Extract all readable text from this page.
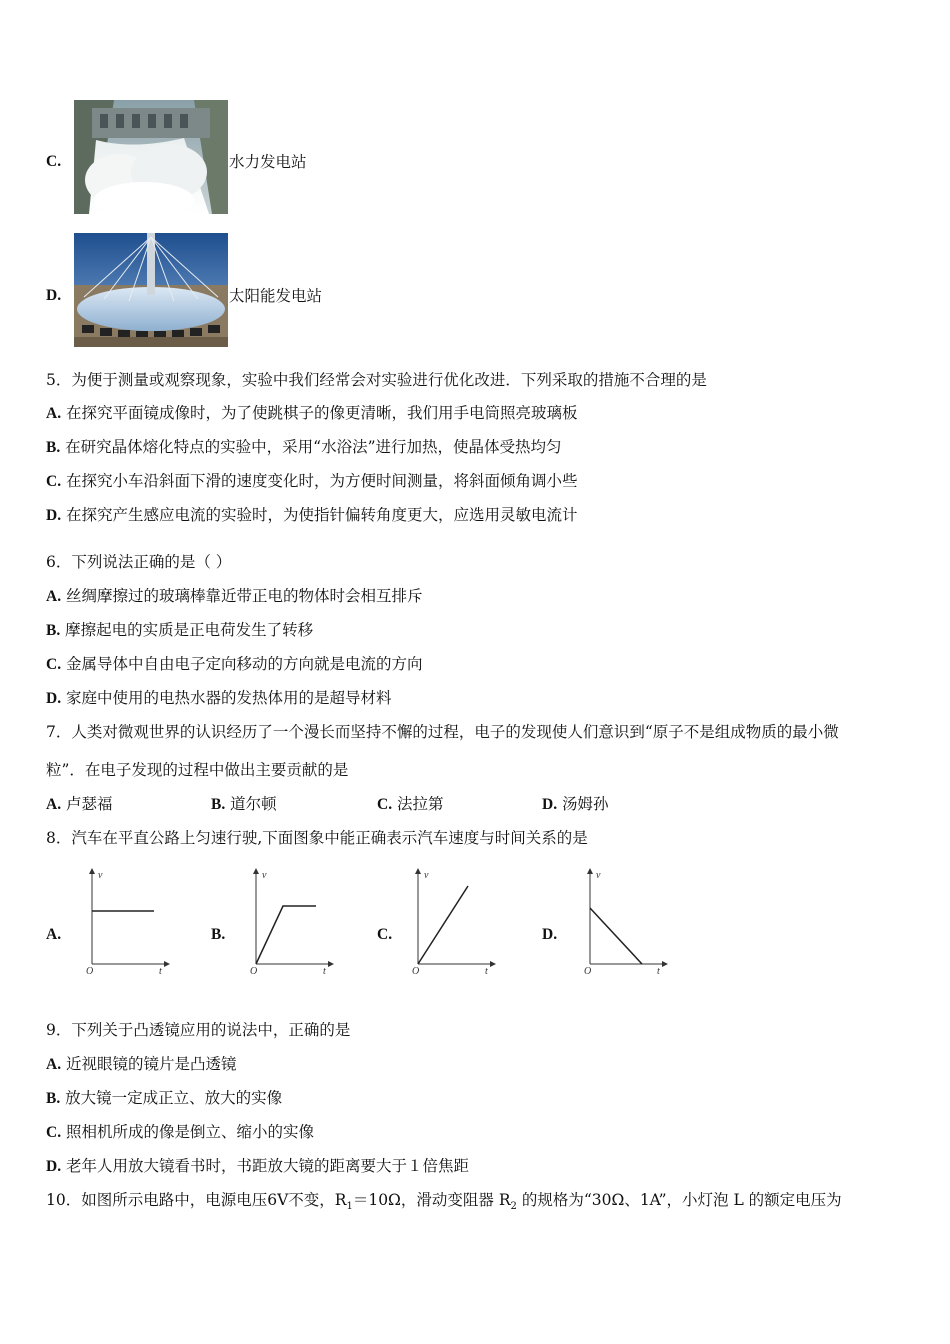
C.	水力发电站
D.	太阳能发电站
5．为便于测量或观察现象，实验中我们经常会对实验进行优化改进．下列采取的措施不合理的是
A. 在探究平面镜成像时，为了使跳棋子的像更清晰，我们用手电筒照亮玻璃板
B. 在研究晶体熔化特点的实验中，采用“水浴法”进行加热，使晶体受热均匀
C. 在探究小车沿斜面下滑的速度变化时，为方便时间测量，将斜面倾角调小些
D. 在探究产生感应电流的实验时，为使指针偏转角度更大，应选用灵敏电流计
6．下列说法正确的是（ ）
A. 丝绸摩擦过的玻璃棒靠近带正电的物体时会相互排斥
B. 摩擦起电的实质是正电荷发生了转移
C. 金属导体中自由电子定向移动的方向就是电流的方向
D. 家庭中使用的电热水器的发热体用的是超导材料
7．人类对微观世界的认识经历了一个漫长而坚持不懈的过程，电子的发现使人们意识到“原子不是组成物质的最小微
粒”．在电子发现的过程中做出主要贡献的是
A. 卢瑟福	B. 道尔顿	C. 法拉第	D. 汤姆孙
8．汽车在平直公路上匀速行驶,下面图象中能正确表示汽车速度与时间关系的是
A.
v
t
O
B.
v
t
O
C.
v
t
O
D.
v
t
O
9．下列关于凸透镜应用的说法中，正确的是
A. 近视眼镜的镜片是凸透镜
B. 放大镜一定成正立、放大的实像
C. 照相机所成的像是倒立、缩小的实像
D. 老年人用放大镜看书时，书距放大镜的距离要大于１倍焦距
10．如图所示电路中，电源电压6V不变，$R_1=10\Omega$，滑动变阻器 $R_2$ 的规格为“30Ω、1A”，小灯泡 L 的额定电压为
